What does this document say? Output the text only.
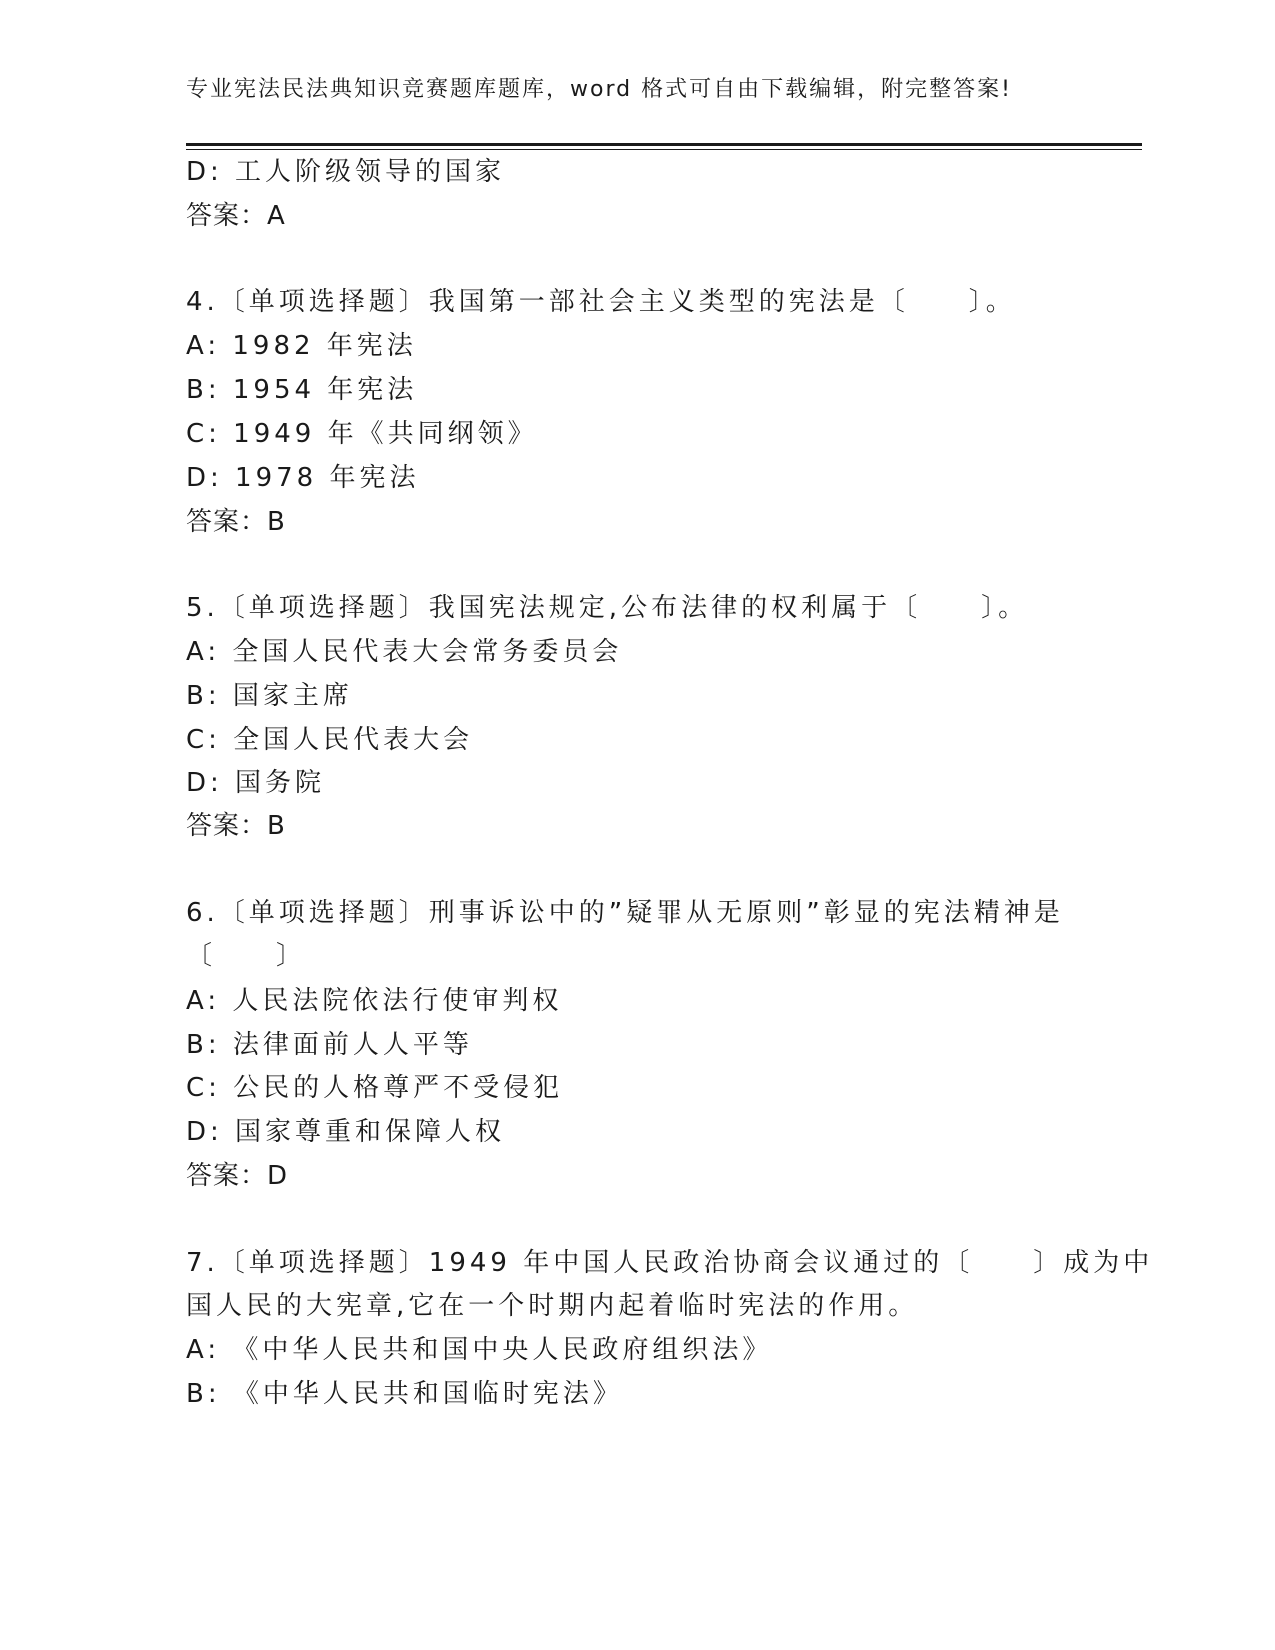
专业宪法民法典知识竞赛题库题库，word 格式可自由下载编辑，附完整答案!
D: 工人阶级领导的国家
答案：A
4.〔单项选择题〕我国第一部社会主义类型的宪法是〔　　〕。
A: 1982 年宪法
B: 1954 年宪法
C: 1949 年《共同纲领》
D: 1978 年宪法
答案：B
5.〔单项选择题〕我国宪法规定,公布法律的权利属于〔　　〕。
A: 全国人民代表大会常务委员会
B: 国家主席
C: 全国人民代表大会
D: 国务院
答案：B
6.〔单项选择题〕刑事诉讼中的”疑罪从无原则”彰显的宪法精神是
〔　　〕
A: 人民法院依法行使审判权
B: 法律面前人人平等
C: 公民的人格尊严不受侵犯
D: 国家尊重和保障人权
答案：D
7.〔单项选择题〕1949 年中国人民政治协商会议通过的〔　　〕成为中
国人民的大宪章,它在一个时期内起着临时宪法的作用。
A: 《中华人民共和国中央人民政府组织法》
B: 《中华人民共和国临时宪法》
